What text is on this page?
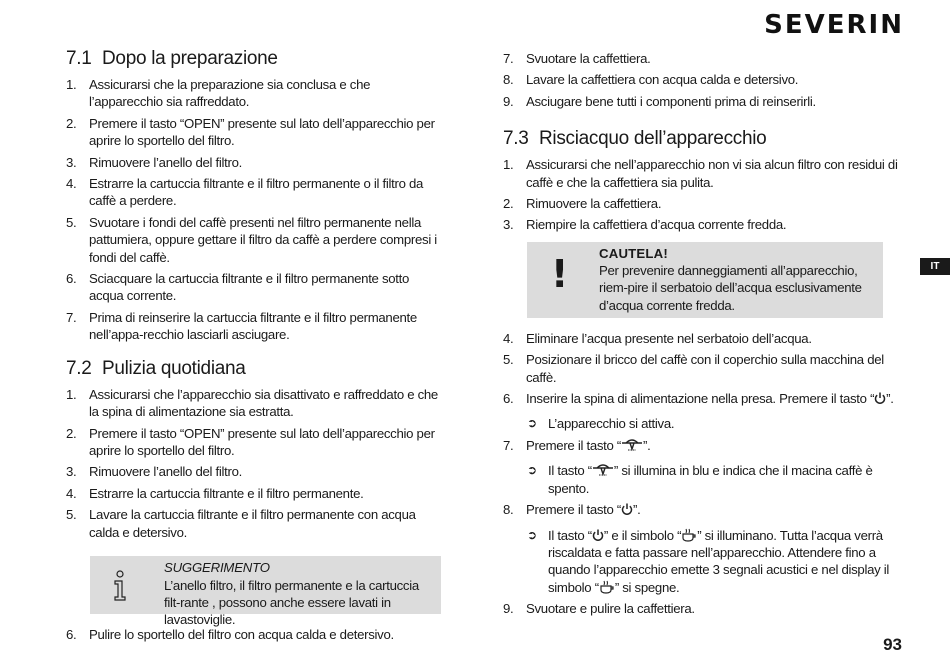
SEVERIN
7.1 Dopo la preparazione
1. Assicurarsi che la preparazione sia conclusa e che l’apparecchio sia raffreddato.
2. Premere il tasto “OPEN” presente sul lato dell’apparecchio per aprire lo sportello del filtro.
3. Rimuovere l’anello del filtro.
4. Estrarre la cartuccia filtrante e il filtro permanente o il filtro da caffè a perdere.
5. Svuotare i fondi del caffè presenti nel filtro permanente nella pattumiera, oppure gettare il filtro da caffè a perdere compresi i fondi del caffè.
6. Sciacquare la cartuccia filtrante e il filtro permanente sotto acqua corrente.
7. Prima di reinserire la cartuccia filtrante e il filtro permanente nell’appa-recchio lasciarli asciugare.
7.2 Pulizia quotidiana
1. Assicurarsi che l’apparecchio sia disattivato e raffreddato e che la spina di alimentazione sia estratta.
2. Premere il tasto “OPEN” presente sul lato dell’apparecchio per aprire lo sportello del filtro.
3. Rimuovere l’anello del filtro.
4. Estrarre la cartuccia filtrante e il filtro permanente.
5. Lavare la cartuccia filtrante e il filtro permanente con acqua calda e detersivo.
SUGGERIMENTO
L’anello filtro, il filtro permanente e la cartuccia filt-rante , possono anche essere lavati in lavastoviglie.
6. Pulire lo sportello del filtro con acqua calda e detersivo.
7. Svuotare la caffettiera.
8. Lavare la caffettiera con acqua calda e detersivo.
9. Asciugare bene tutti i componenti prima di reinserirli.
7.3 Risciacquo dell’apparecchio
1. Assicurarsi che nell’apparecchio non vi sia alcun filtro con residui di caffè e che la caffettiera sia pulita.
2. Rimuovere la caffettiera.
3. Riempire la caffettiera d’acqua corrente fredda.
! CAUTELA!
Per prevenire danneggiamenti all’apparecchio, riem-pire il serbatoio dell’acqua esclusivamente d’acqua corrente fredda.
4. Eliminare l’acqua presente nel serbatoio dell’acqua.
5. Posizionare il bricco del caffè con il coperchio sulla macchina del caffè.
6. Inserire la spina di alimentazione nella presa. Premere il tasto “ ”.
➲ L’apparecchio si attiva.
7. Premere il tasto “ ”.
➲ Il tasto “ ” si illumina in blu e indica che il macina caffè è spento.
8. Premere il tasto “ ”.
➲ Il tasto “ ” e il simbolo “ ” si illuminano. Tutta l’acqua verrà riscaldata e fatta passare nell’apparecchio. Attendere fino a quando l’apparecchio emette 3 segnali acustici e nel display il simbolo “ ” si spegne.
9. Svuotare e pulire la caffettiera.
IT
93
